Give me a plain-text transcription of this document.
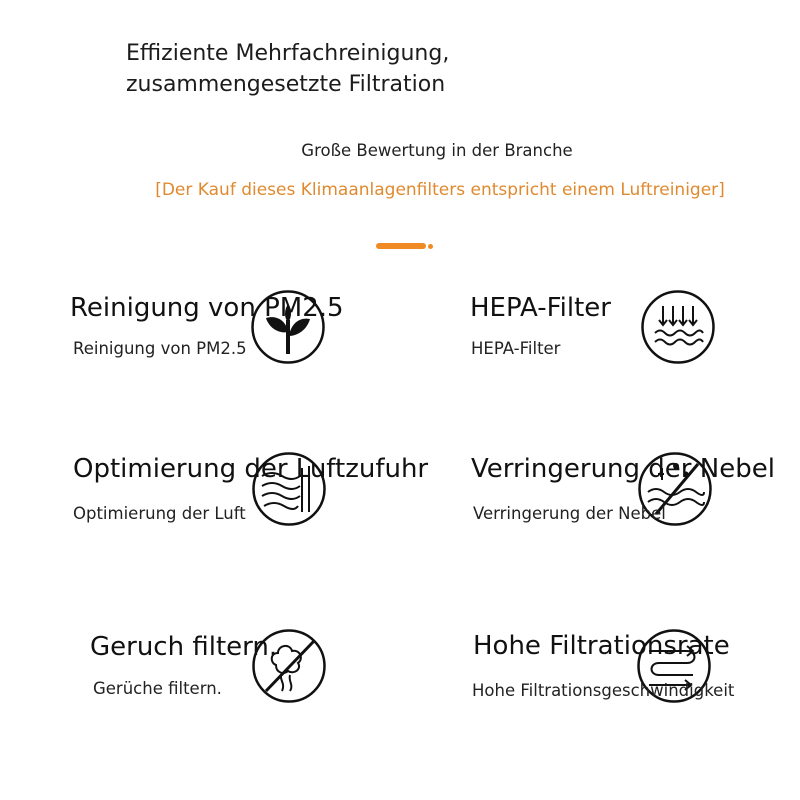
Effiziente Mehrfachreinigung,
zusammengesetzte Filtration
Große Bewertung in der Branche
[Der Kauf dieses Klimaanlagenfilters entspricht einem Luftreiniger]
Reinigung von PM2.5
Reinigung von PM2.5
HEPA-Filter
HEPA-Filter
Optimierung der Luftzufuhr
Optimierung der Luft
Verringerung der Nebel
Verringerung der Nebel
Geruch filtern.
Gerüche filtern.
Hohe Filtrationsrate
Hohe Filtrationsgeschwindigkeit
